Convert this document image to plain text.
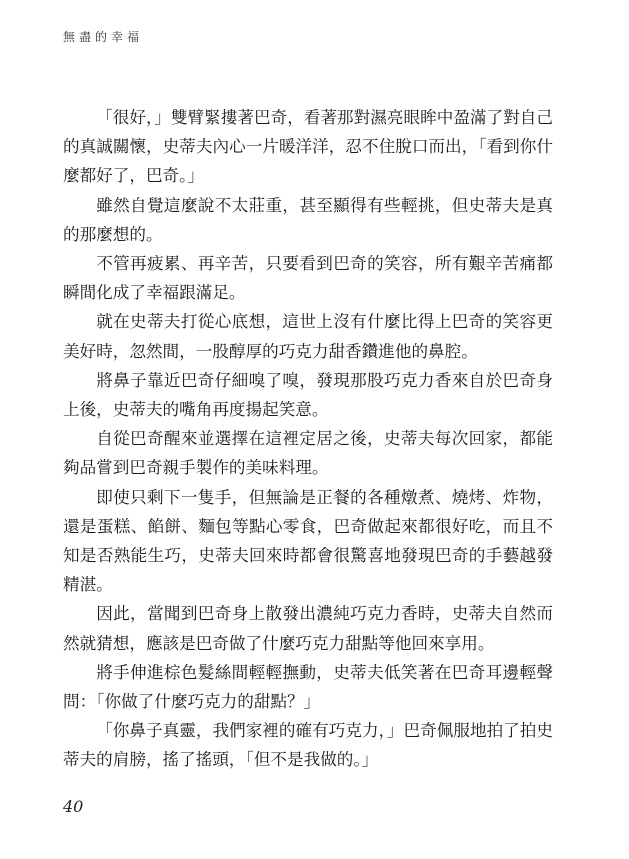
無盡的幸福

「很好，」雙臂緊摟著巴奇，看著那對濕亮眼眸中盈滿了對自己的真誠關懷，史蒂夫內心一片暖洋洋，忍不住脫口而出，「看到你什麼都好了，巴奇。」

雖然自覺這麼說不太莊重，甚至顯得有些輕挑，但史蒂夫是真的那麼想的。

不管再疲累、再辛苦，只要看到巴奇的笑容，所有艱辛苦痛都瞬間化成了幸福跟滿足。

就在史蒂夫打從心底想，這世上沒有什麼比得上巴奇的笑容更美好時，忽然間，一股醇厚的巧克力甜香鑽進他的鼻腔。

將鼻子靠近巴奇仔細嗅了嗅，發現那股巧克力香來自於巴奇身上後，史蒂夫的嘴角再度揚起笑意。

自從巴奇醒來並選擇在這裡定居之後，史蒂夫每次回家，都能夠品嘗到巴奇親手製作的美味料理。

即使只剩下一隻手，但無論是正餐的各種燉煮、燒烤、炸物，還是蛋糕、餡餅、麵包等點心零食，巴奇做起來都很好吃，而且不知是否熟能生巧，史蒂夫回來時都會很驚喜地發現巴奇的手藝越發精湛。

因此，當聞到巴奇身上散發出濃純巧克力香時，史蒂夫自然而然就猜想，應該是巴奇做了什麼巧克力甜點等他回來享用。

將手伸進棕色髮絲間輕輕撫動，史蒂夫低笑著在巴奇耳邊輕聲問：「你做了什麼巧克力的甜點？」

「你鼻子真靈，我們家裡的確有巧克力，」巴奇佩服地拍了拍史蒂夫的肩膀，搖了搖頭，「但不是我做的。」

40
